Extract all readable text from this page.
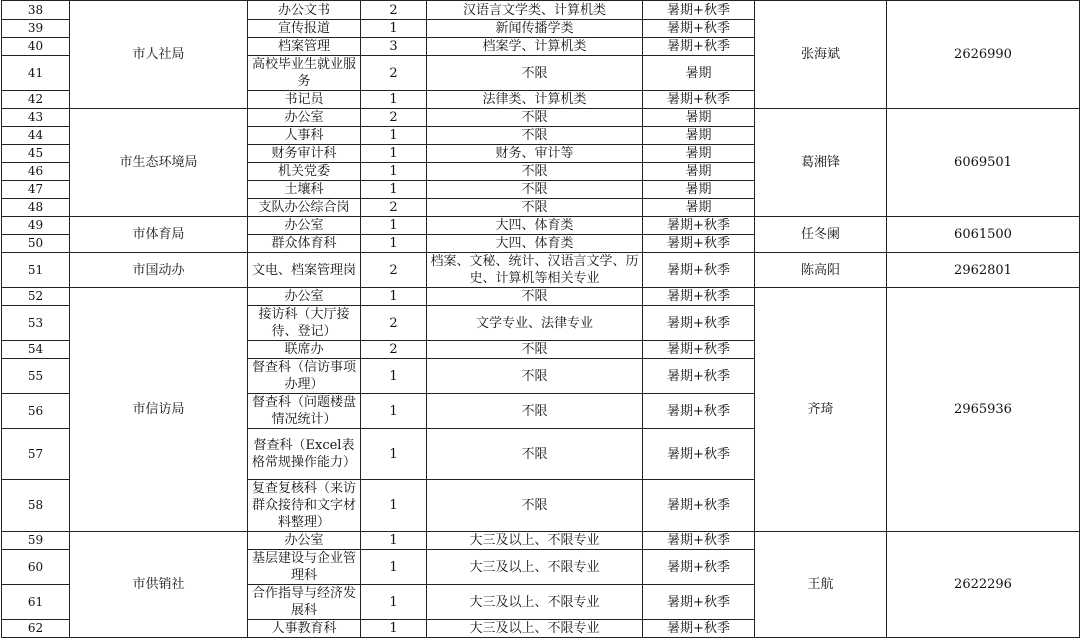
38	市人社局	办公文书	2	汉语言文学类、计算机类	暑期+秋季	张海斌	2626990
39		宣传报道	1	新闻传播学类	暑期+秋季		
40		档案管理	3	档案学、计算机类	暑期+秋季		
41		高校毕业生就业服务	2	不限	暑期		
42		书记员	1	法律类、计算机类	暑期+秋季		
43	市生态环境局	办公室	2	不限	暑期	葛湘锋	6069501
44		人事科	1	不限	暑期		
45		财务审计科	1	财务、审计等	暑期		
46		机关党委	1	不限	暑期		
47		土壤科	1	不限	暑期		
48		支队办公综合岗	2	不限	暑期		
49	市体育局	办公室	1	大四、体育类	暑期+秋季	任冬阑	6061500
50		群众体育科	1	大四、体育类	暑期+秋季		
51	市国动办	文电、档案管理岗	2	档案、文秘、统计、汉语言文学、历史、计算机等相关专业	暑期+秋季	陈高阳	2962801
52	市信访局	办公室	1	不限	暑期+秋季	齐琦	2965936
53		接访科（大厅接待、登记）	2	文学专业、法律专业	暑期+秋季		
54		联席办	2	不限	暑期+秋季		
55		督查科（信访事项办理）	1	不限	暑期+秋季		
56		督查科（问题楼盘情况统计）	1	不限	暑期+秋季		
57		督查科（Excel表格常规操作能力）	1	不限	暑期+秋季		
58		复查复核科（来访群众接待和文字材料整理）	1	不限	暑期+秋季		
59	市供销社	办公室	1	大三及以上、不限专业	暑期+秋季	王航	2622296
60		基层建设与企业管理科	1	大三及以上、不限专业	暑期+秋季		
61		合作指导与经济发展科	1	大三及以上、不限专业	暑期+秋季		
62		人事教育科	1	大三及以上、不限专业	暑期+秋季		
